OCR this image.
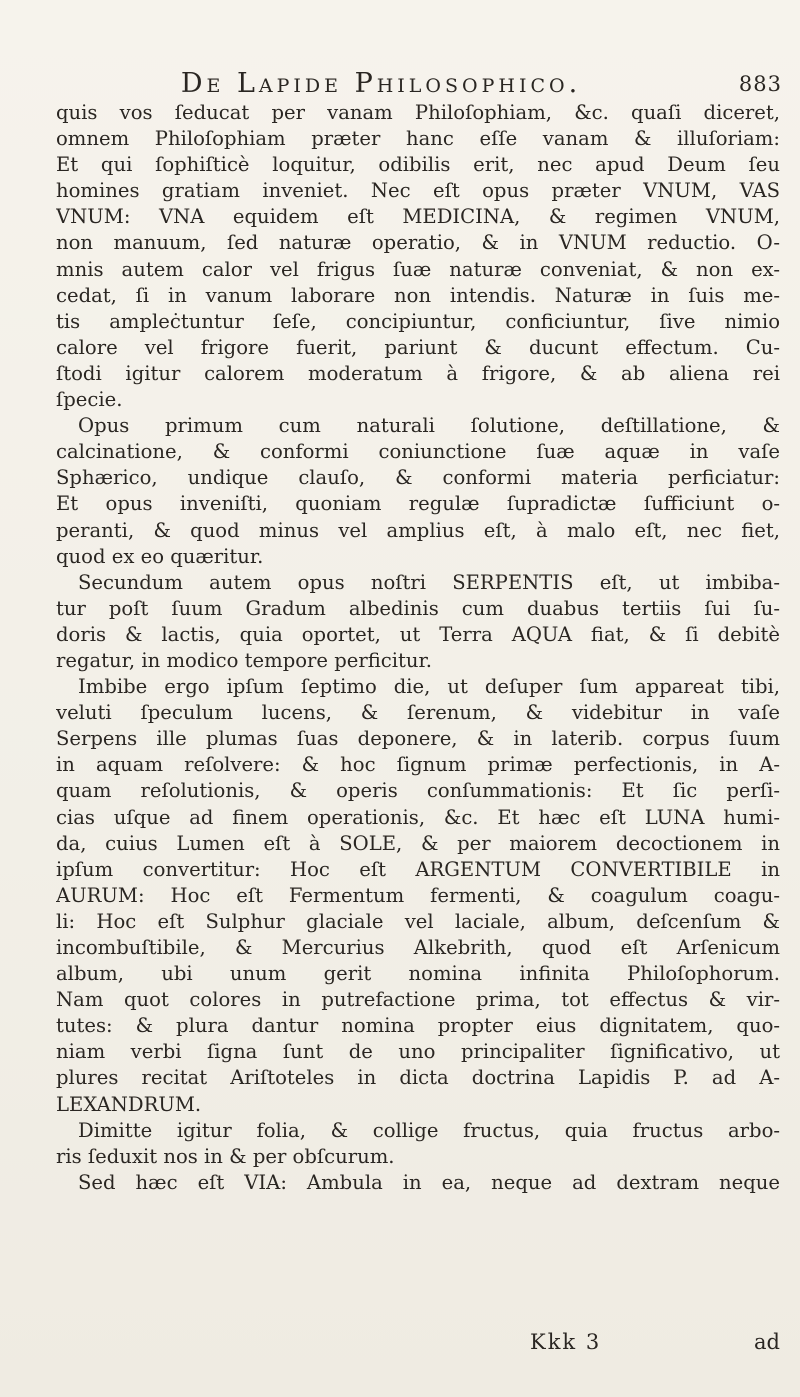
De Lapide Philosophico.	883
quis vos ſeducat per vanam Philoſophiam, &c. quaſi diceret,
omnem Philoſophiam præter hanc eſſe vanam & illuſoriam:
Et qui ſophiſticè loquitur, odibilis erit, nec apud Deum ſeu
homines gratiam inveniet. Nec eſt opus præter VNUM, VAS
VNUM: VNA equidem eſt MEDICINA, & regimen VNUM,
non manuum, ſed naturæ operatio, & in VNUM reductio. O-
mnis autem calor vel frigus ſuæ naturæ conveniat, & non ex-
cedat, ſi in vanum laborare non intendis. Naturæ in ſuis me-
tis ampleċtuntur ſeſe, concipiuntur, conficiuntur, ſive nimio
calore vel frigore fuerit, pariunt & ducunt effectum. Cu-
ſtodi igitur calorem moderatum à frigore, & ab aliena rei
ſpecie.
Opus primum cum naturali ſolutione, deſtillatione, &
calcinatione, & conformi coniunctione ſuæ aquæ in vaſe
Sphærico, undique clauſo, & conformi materia perficiatur:
Et opus inveniſti, quoniam regulæ ſupradictæ ſufficiunt o-
peranti, & quod minus vel amplius eſt, à malo eſt, nec fiet,
quod ex eo quæritur.
Secundum autem opus noſtri SERPENTIS eſt, ut imbiba-
tur poſt ſuum Gradum albedinis cum duabus tertiis ſui ſu-
doris & lactis, quia oportet, ut Terra AQUA fiat, & ſi debitè
regatur, in modico tempore perficitur.
Imbibe ergo ipſum ſeptimo die, ut deſuper ſum appareat tibi,
veluti ſpeculum lucens, & ſerenum, & videbitur in vaſe
Serpens ille plumas ſuas deponere, & in laterib. corpus ſuum
in aquam reſolvere: & hoc ſignum primæ perfectionis, in A-
quam reſolutionis, & operis conſummationis: Et ſic perſi-
cias uſque ad finem operationis, &c. Et hæc eſt LUNA humi-
da, cuius Lumen eſt à SOLE, & per maiorem decoctionem in
ipſum convertitur: Hoc eſt ARGENTUM CONVERTIBILE in
AURUM: Hoc eſt Fermentum fermenti, & coagulum coagu-
li: Hoc eſt Sulphur glaciale vel laciale, album, deſcenſum &
incombuſtibile, & Mercurius Alkebrith, quod eſt Arſenicum
album, ubi unum gerit nomina infinita Philoſophorum.
Nam quot colores in putrefactione prima, tot effectus & vir-
tutes: & plura dantur nomina propter eius dignitatem, quo-
niam verbi ſigna ſunt de uno principaliter ſignificativo, ut
plures recitat Ariſtoteles in dicta doctrina Lapidis P. ad A-
LEXANDRUM.
Dimitte igitur folia, & collige fructus, quia fructus arbo-
ris ſeduxit nos in & per obſcurum.
Sed hæc eſt VIA: Ambula in ea, neque ad dextram neque
Kkk 3	ad
